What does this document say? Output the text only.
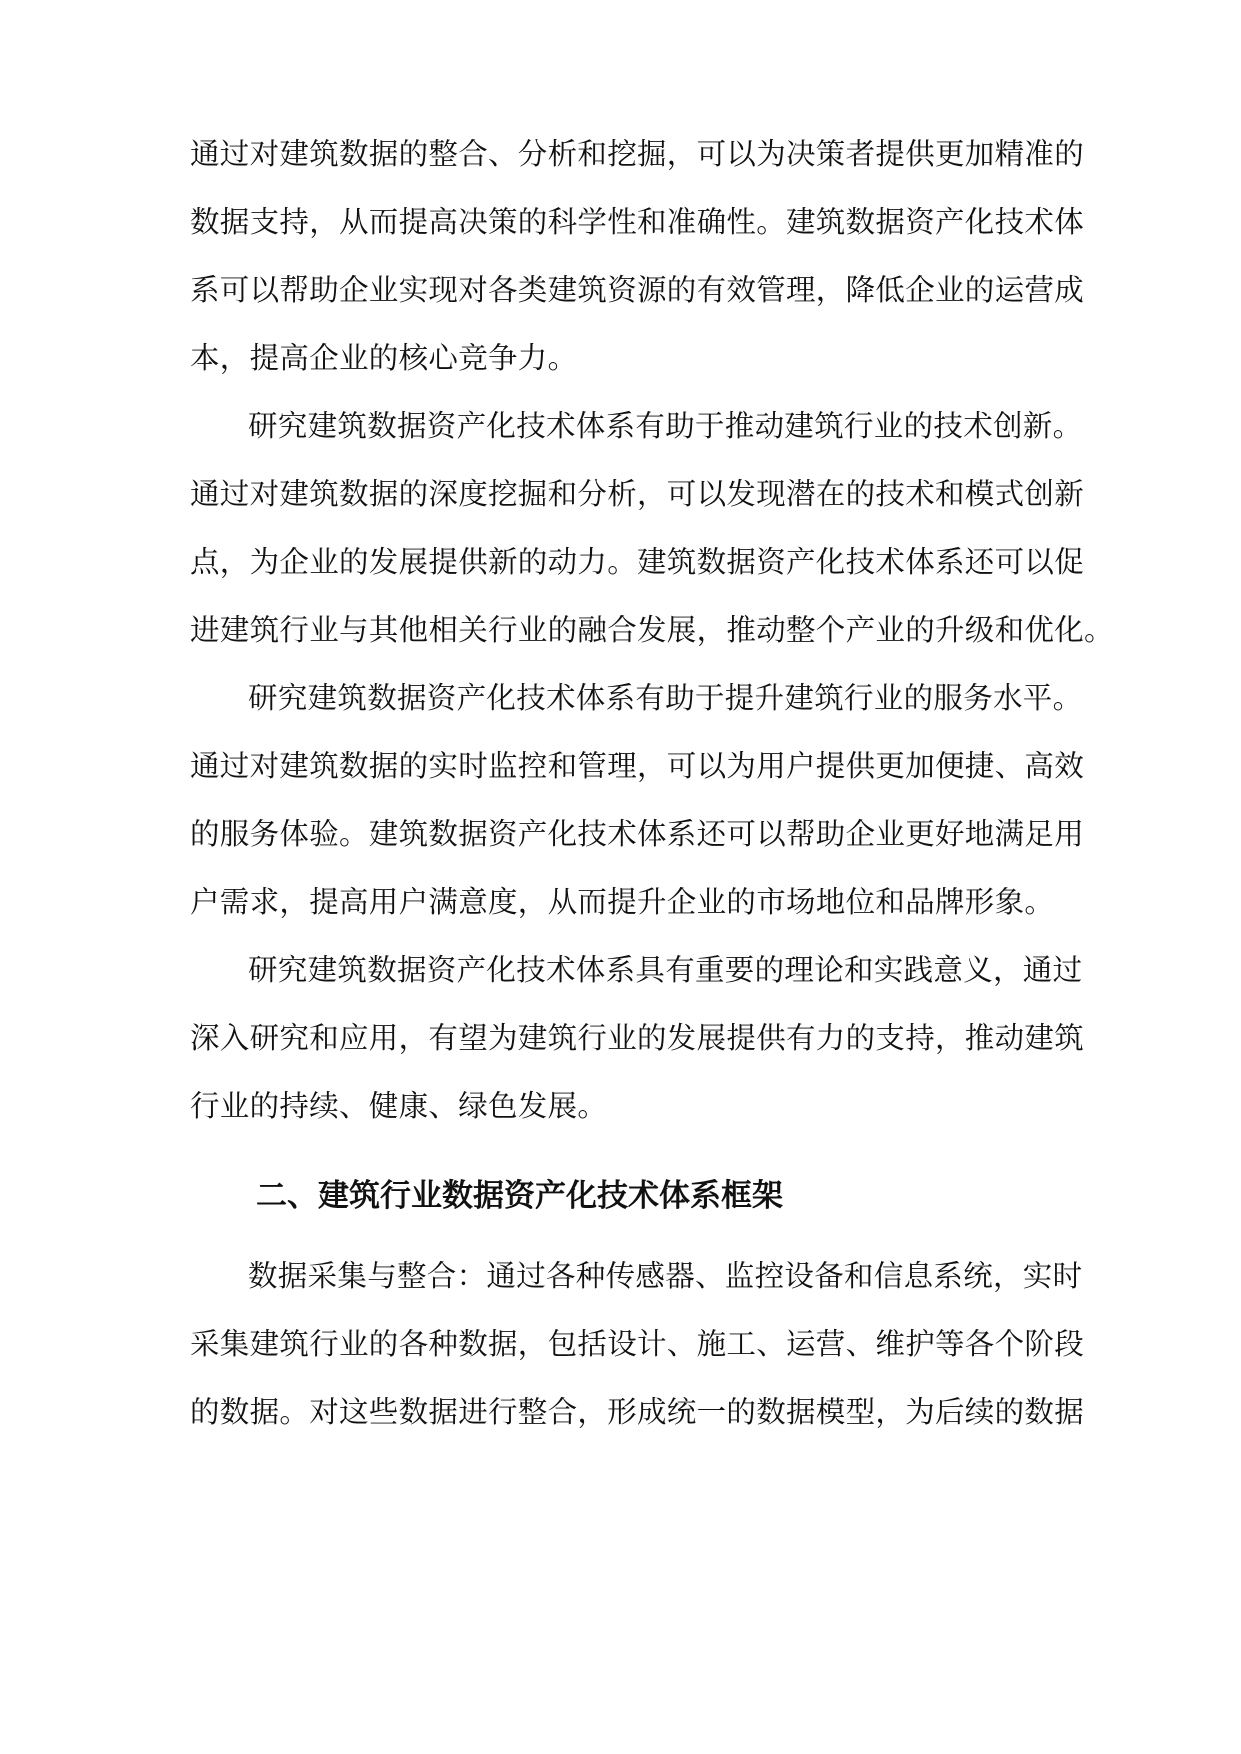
通过对建筑数据的整合、分析和挖掘，可以为决策者提供更加精准的
数据支持，从而提高决策的科学性和准确性。建筑数据资产化技术体
系可以帮助企业实现对各类建筑资源的有效管理，降低企业的运营成
本，提高企业的核心竞争力。
研究建筑数据资产化技术体系有助于推动建筑行业的技术创新。
通过对建筑数据的深度挖掘和分析，可以发现潜在的技术和模式创新
点，为企业的发展提供新的动力。建筑数据资产化技术体系还可以促
进建筑行业与其他相关行业的融合发展，推动整个产业的升级和优化。
研究建筑数据资产化技术体系有助于提升建筑行业的服务水平。
通过对建筑数据的实时监控和管理，可以为用户提供更加便捷、高效
的服务体验。建筑数据资产化技术体系还可以帮助企业更好地满足用
户需求，提高用户满意度，从而提升企业的市场地位和品牌形象。
研究建筑数据资产化技术体系具有重要的理论和实践意义，通过
深入研究和应用，有望为建筑行业的发展提供有力的支持，推动建筑
行业的持续、健康、绿色发展。
二、建筑行业数据资产化技术体系框架
数据采集与整合：通过各种传感器、监控设备和信息系统，实时
采集建筑行业的各种数据，包括设计、施工、运营、维护等各个阶段
的数据。对这些数据进行整合，形成统一的数据模型，为后续的数据
